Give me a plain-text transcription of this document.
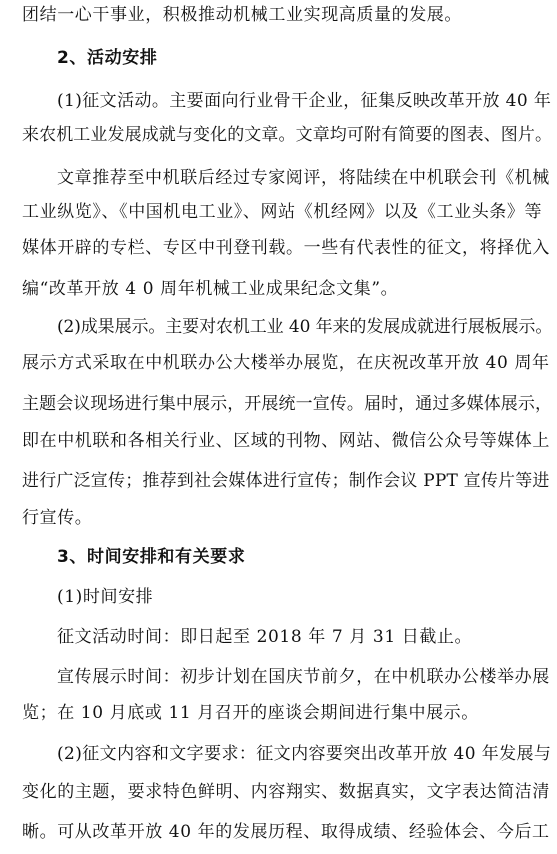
团结一心干事业，积极推动机械工业实现高质量的发展。

2、活动安排

(1)征文活动。主要面向行业骨干企业，征集反映改革开放 40 年

来农机工业发展成就与变化的文章。文章均可附有简要的图表、图片。

文章推荐至中机联后经过专家阅评，将陆续在中机联会刊《机械

工业纵览》、《中国机电工业》、网站《机经网》以及《工业头条》等

媒体开辟的专栏、专区中刊登刊载。一些有代表性的征文，将择优入

编“改革开放 4 0 周年机械工业成果纪念文集”。

(2)成果展示。主要对农机工业 40 年来的发展成就进行展板展示。

展示方式采取在中机联办公大楼举办展览，在庆祝改革开放 40 周年

主题会议现场进行集中展示，开展统一宣传。届时，通过多媒体展示，

即在中机联和各相关行业、区域的刊物、网站、微信公众号等媒体上

进行广泛宣传；推荐到社会媒体进行宣传；制作会议 PPT 宣传片等进

行宣传。

3、时间安排和有关要求

(1)时间安排

征文活动时间：即日起至 2018 年 7 月 31 日截止。

宣传展示时间：初步计划在国庆节前夕，在中机联办公楼举办展

览；在 10 月底或 11 月召开的座谈会期间进行集中展示。

(2)征文内容和文字要求：征文内容要突出改革开放 40 年发展与

变化的主题，要求特色鲜明、内容翔实、数据真实，文字表达简洁清

晰。可从改革开放 40 年的发展历程、取得成绩、经验体会、今后工
